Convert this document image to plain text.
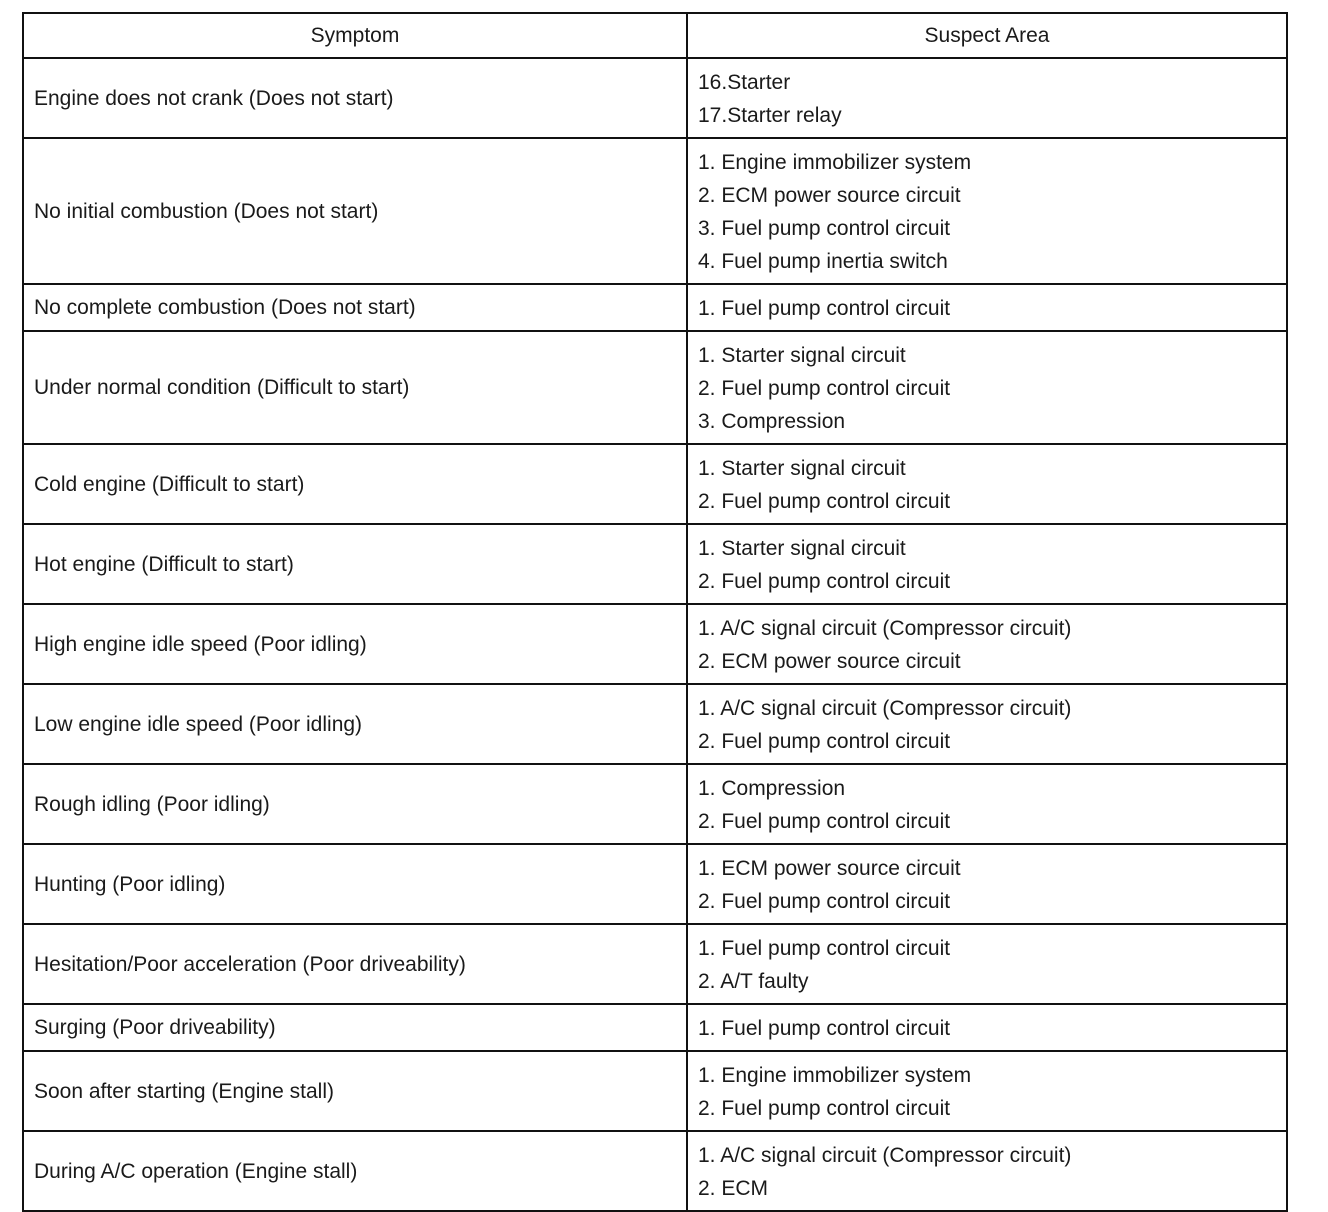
Symptom	Suspect Area
Engine does not crank (Does not start)	16.Starter
17.Starter relay

No initial combustion (Does not start)	1. Engine immobilizer system
2. ECM power source circuit
3. Fuel pump control circuit
4. Fuel pump inertia switch

No complete combustion (Does not start)	1. Fuel pump control circuit

Under normal condition (Difficult to start)	1. Starter signal circuit
2. Fuel pump control circuit
3. Compression

Cold engine (Difficult to start)	1. Starter signal circuit
2. Fuel pump control circuit

Hot engine (Difficult to start)	1. Starter signal circuit
2. Fuel pump control circuit

High engine idle speed (Poor idling)	1. A/C signal circuit (Compressor circuit)
2. ECM power source circuit

Low engine idle speed (Poor idling)	1. A/C signal circuit (Compressor circuit)
2. Fuel pump control circuit

Rough idling (Poor idling)	1. Compression
2. Fuel pump control circuit

Hunting (Poor idling)	1. ECM power source circuit
2. Fuel pump control circuit

Hesitation/Poor acceleration (Poor driveability)	1. Fuel pump control circuit
2. A/T faulty

Surging (Poor driveability)	1. Fuel pump control circuit

Soon after starting (Engine stall)	1. Engine immobilizer system
2. Fuel pump control circuit

During A/C operation (Engine stall)	1. A/C signal circuit (Compressor circuit)
2. ECM
